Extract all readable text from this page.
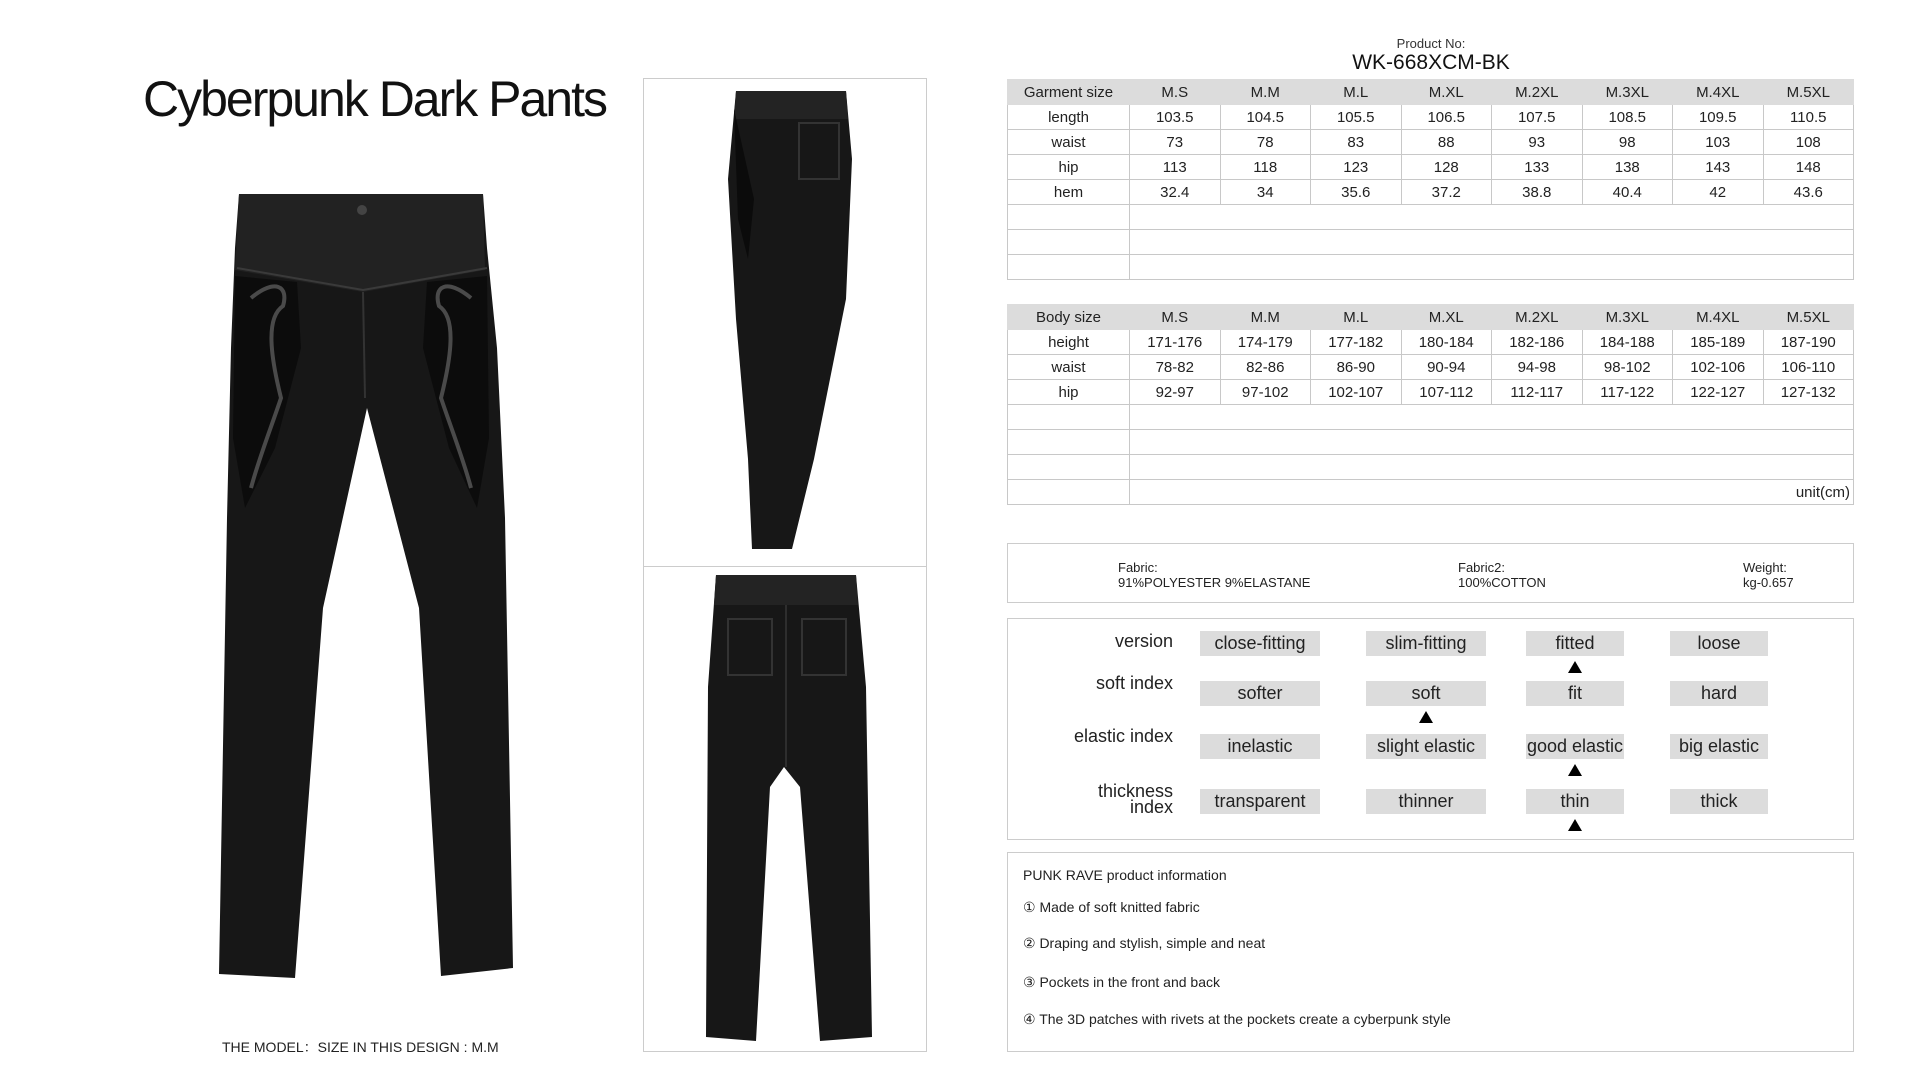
Cyberpunk Dark Pants
THE MODEL：SIZE IN THIS DESIGN : M.M
Product No:
WK-668XCM-BK
Garment size	M.S	M.M	M.L	M.XL	M.2XL	M.3XL	M.4XL	M.5XL
length	103.5	104.5	105.5	106.5	107.5	108.5	109.5	110.5
waist	73	78	83	88	93	98	103	108
hip	113	118	123	128	133	138	143	148
hem	32.4	34	35.6	37.2	38.8	40.4	42	43.6

Body size	M.S	M.M	M.L	M.XL	M.2XL	M.3XL	M.4XL	M.5XL
height	171-176	174-179	177-182	180-184	182-186	184-188	185-189	187-190
waist	78-82	82-86	86-90	90-94	94-98	98-102	102-106	106-110
hip	92-97	97-102	102-107	107-112	112-117	117-122	122-127	127-132

	unit(cm)							
Fabric:
91%POLYESTER 9%ELASTANE
Fabric2:
100%COTTON
Weight:
kg-0.657
version	close-fitting	slim-fitting	fitted	loose
soft index	softer	soft	fit	hard
elastic index	inelastic	slight elastic	good elastic	big elastic
thickness index	transparent	thinner	thin	thick
PUNK RAVE product information
① Made of soft knitted fabric
② Draping and stylish, simple and neat
③ Pockets in the front and back
④ The 3D patches with rivets at the pockets create a cyberpunk style
